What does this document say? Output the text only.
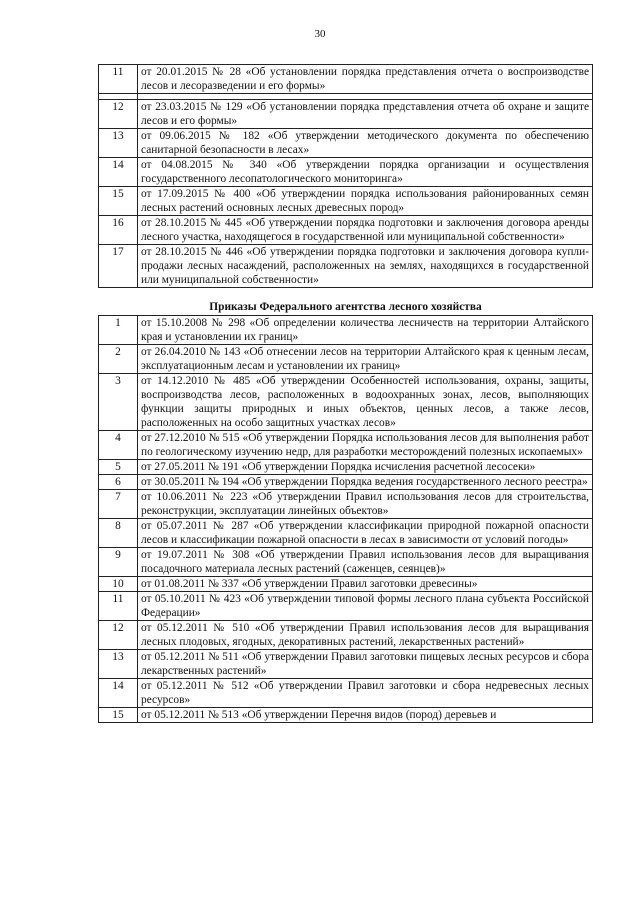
30
11	от 20.01.2015 № 28 «Об установлении порядка представления отчета о воспроизводстве лесов и лесоразведении и его формы»

12	от 23.03.2015 № 129 «Об установлении порядка представления отчета об охране и защите лесов и его формы»
13	от 09.06.2015 № 182 «Об утверждении методического документа по обеспечению санитарной безопасности в лесах»
14	от 04.08.2015 № 340 «Об утверждении порядка организации и осуществления государственного лесопатологического мониторинга»
15	от 17.09.2015 № 400 «Об утверждении порядка использования районированных семян лесных растений основных лесных древесных пород»
16	от 28.10.2015 № 445 «Об утверждении порядка подготовки и заключения договора аренды лесного участка, находящегося в государственной или муниципальной собственности»
17	от 28.10.2015 № 446 «Об утверждении порядка подготовки и заключения договора купли-продажи лесных насаждений, расположенных на землях, находящихся в государственной или муниципальной собственности»
Приказы Федерального агентства лесного хозяйства	
1	от 15.10.2008 № 298 «Об определении количества лесничеств на территории Алтайского края и установлении их границ»
2	от 26.04.2010 № 143 «Об отнесении лесов на территории Алтайского края к ценным лесам, эксплуатационным лесам и установлении их границ»
3	от 14.12.2010 № 485 «Об утверждении Особенностей использования, охраны, защиты, воспроизводства лесов, расположенных в водоохранных зонах, лесов, выполняющих функции защиты природных и иных объектов, ценных лесов, а также лесов, расположенных на особо защитных участках лесов»
4	от 27.12.2010 № 515 «Об утверждении Порядка использования лесов для выполнения работ по геологическому изучению недр, для разработки месторождений полезных ископаемых»
5	от 27.05.2011 № 191 «Об утверждении Порядка исчисления расчетной лесосеки»
6	от 30.05.2011 № 194 «Об утверждении Порядка ведения государственного лесного реестра»
7	от 10.06.2011 № 223 «Об утверждении Правил использования лесов для строительства, реконструкции, эксплуатации линейных объектов»
8	от 05.07.2011 № 287 «Об утверждении классификации природной пожарной опасности лесов и классификации пожарной опасности в лесах в зависимости от условий погоды»
9	от 19.07.2011 № 308 «Об утверждении Правил использования лесов для выращивания посадочного материала лесных растений (саженцев, сеянцев)»
10	от 01.08.2011 № 337 «Об утверждении Правил заготовки древесины»
11	от 05.10.2011 № 423 «Об утверждении типовой формы лесного плана субъекта Российской Федерации»
12	от 05.12.2011 № 510 «Об утверждении Правил использования лесов для выращивания лесных плодовых, ягодных, декоративных растений, лекарственных растений»
13	от 05.12.2011 № 511 «Об утверждении Правил заготовки пищевых лесных ресурсов и сбора лекарственных растений»
14	от 05.12.2011 № 512 «Об утверждении Правил заготовки и сбора недревесных лесных ресурсов»
15	от 05.12.2011 № 513 «Об утверждении Перечня видов (пород) деревьев и
